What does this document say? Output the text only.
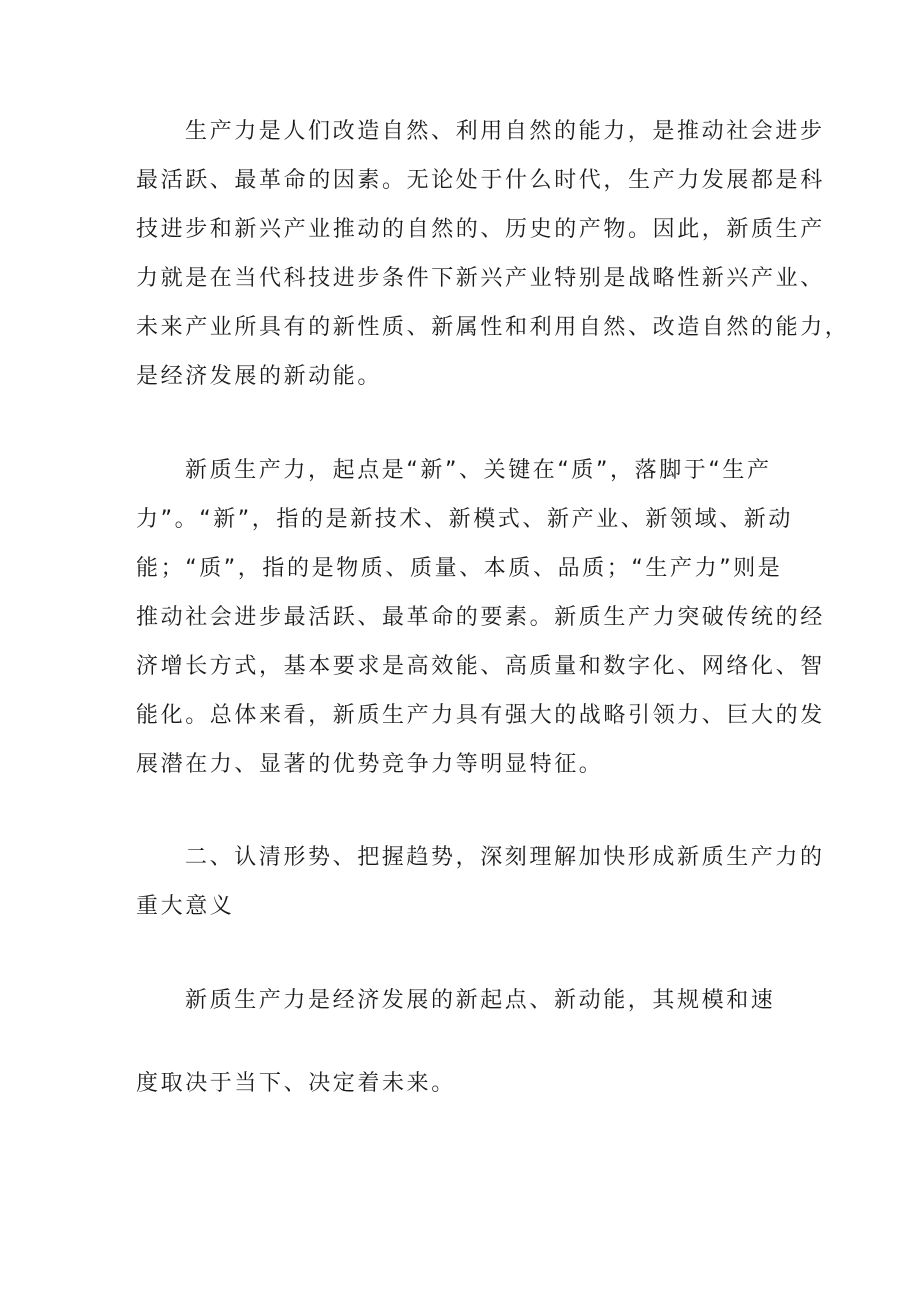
生产力是人们改造自然、利用自然的能力，是推动社会进步
最活跃、最革命的因素。无论处于什么时代，生产力发展都是科
技进步和新兴产业推动的自然的、历史的产物。因此，新质生产
力就是在当代科技进步条件下新兴产业特别是战略性新兴产业、
未来产业所具有的新性质、新属性和利用自然、改造自然的能力，
是经济发展的新动能。
新质生产力，起点是“新”、关键在“质”，落脚于“生产
力”。“新”，指的是新技术、新模式、新产业、新领域、新动
能；“质”，指的是物质、质量、本质、品质；“生产力”则是
推动社会进步最活跃、最革命的要素。新质生产力突破传统的经
济增长方式，基本要求是高效能、高质量和数字化、网络化、智
能化。总体来看，新质生产力具有强大的战略引领力、巨大的发
展潜在力、显著的优势竞争力等明显特征。
二、认清形势、把握趋势，深刻理解加快形成新质生产力的
重大意义
新质生产力是经济发展的新起点、新动能，其规模和速
度取决于当下、决定着未来。
